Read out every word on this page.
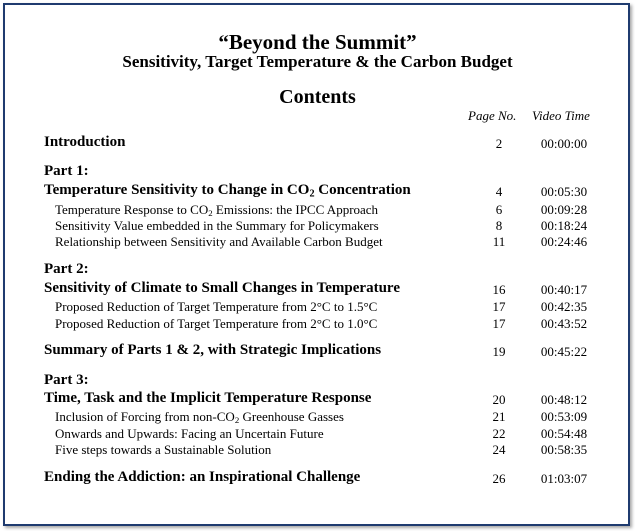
“Beyond the Summit”
Sensitivity, Target Temperature & the Carbon Budget
Contents
Page No. Video Time
Introduction	2	00:00:00
Part 1:
Temperature Sensitivity to Change in $CO_2$ Concentration	4	00:05:30
Temperature Response to $CO_2$ Emissions: the IPCC Approach	6	00:09:28
Sensitivity Value embedded in the Summary for Policymakers	8	00:18:24
Relationship between Sensitivity and Available Carbon Budget	11	00:24:46
Part 2:
Sensitivity of Climate to Small Changes in Temperature	16	00:40:17
Proposed Reduction of Target Temperature from 2°C to 1.5°C	17	00:42:35
Proposed Reduction of Target Temperature from 2°C to 1.0°C	17	00:43:52
Summary of Parts 1 & 2, with Strategic Implications	19	00:45:22
Part 3:
Time, Task and the Implicit Temperature Response	20	00:48:12
Inclusion of Forcing from non-$CO_2$ Greenhouse Gasses	21	00:53:09
Onwards and Upwards: Facing an Uncertain Future	22	00:54:48
Five steps towards a Sustainable Solution	24	00:58:35
Ending the Addiction: an Inspirational Challenge	26	01:03:07
